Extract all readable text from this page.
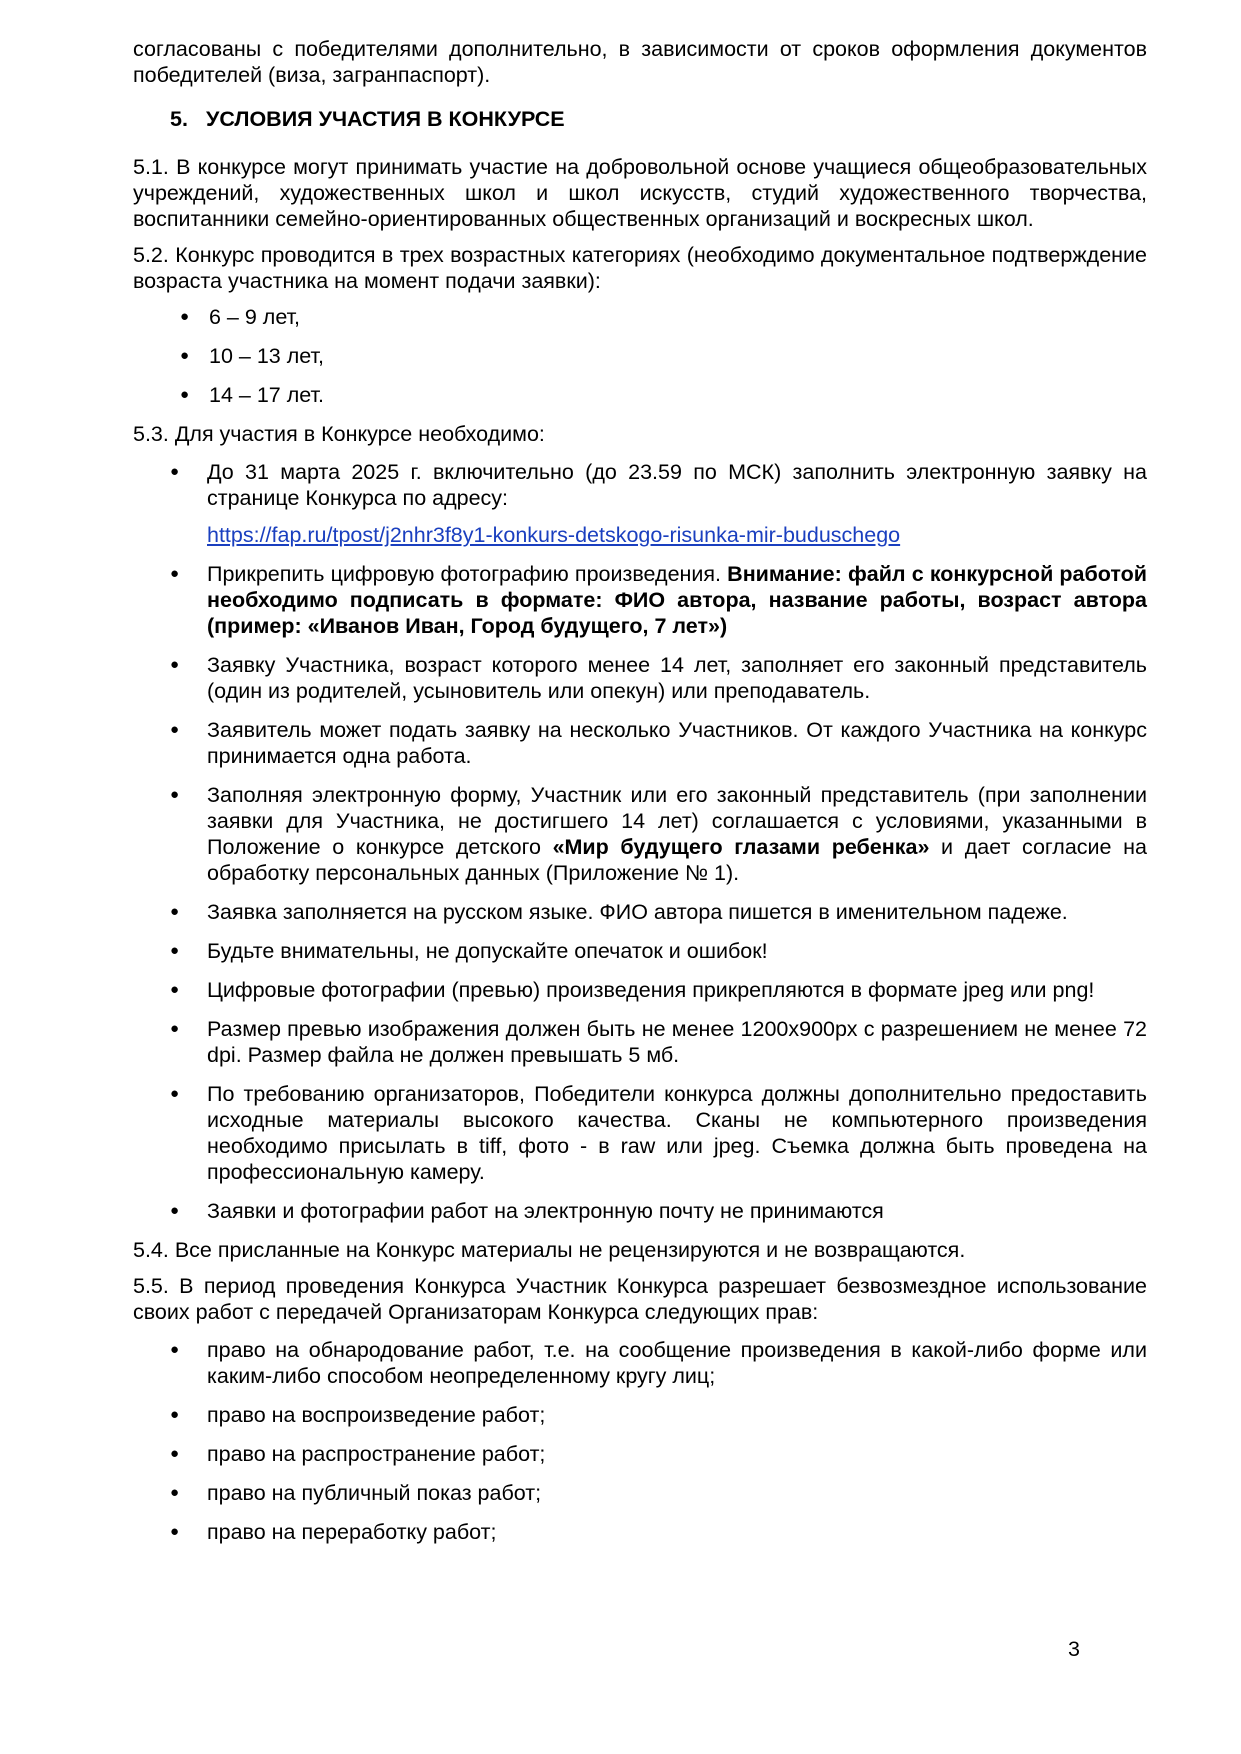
согласованы с победителями дополнительно, в зависимости от сроков оформления документов победителей (виза, загранпаспорт).

5. УСЛОВИЯ УЧАСТИЯ В КОНКУРСЕ

5.1. В конкурсе могут принимать участие на добровольной основе учащиеся общеобразовательных учреждений, художественных школ и школ искусств, студий художественного творчества, воспитанники семейно-ориентированных общественных организаций и воскресных школ.

5.2. Конкурс проводится в трех возрастных категориях (необходимо документальное подтверждение возраста участника на момент подачи заявки):

● 6 – 9 лет,
● 10 – 13 лет,
● 14 – 17 лет.

5.3. Для участия в Конкурсе необходимо:

● До 31 марта 2025 г. включительно (до 23.59 по МСК) заполнить электронную заявку на странице Конкурса по адресу:

https://fap.ru/tpost/j2nhr3f8y1-konkurs-detskogo-risunka-mir-buduschego

● Прикрепить цифровую фотографию произведения. Внимание: файл с конкурсной работой необходимо подписать в формате: ФИО автора, название работы, возраст автора (пример: «Иванов Иван, Город будущего, 7 лет»)
● Заявку Участника, возраст которого менее 14 лет, заполняет его законный представитель (один из родителей, усыновитель или опекун) или преподаватель.
● Заявитель может подать заявку на несколько Участников. От каждого Участника на конкурс принимается одна работа.
● Заполняя электронную форму, Участник или его законный представитель (при заполнении заявки для Участника, не достигшего 14 лет) соглашается с условиями, указанными в Положение о конкурсе детского «Мир будущего глазами ребенка» и дает согласие на обработку персональных данных (Приложение № 1).
● Заявка заполняется на русском языке. ФИО автора пишется в именительном падеже.
● Будьте внимательны, не допускайте опечаток и ошибок!
● Цифровые фотографии (превью) произведения прикрепляются в формате jpeg или png!
● Размер превью изображения должен быть не менее 1200х900рх с разрешением не менее 72 dpi. Размер файла не должен превышать 5 мб.
● По требованию организаторов, Победители конкурса должны дополнительно предоставить исходные материалы высокого качества. Сканы не компьютерного произведения необходимо присылать в tiff, фото - в raw или jpeg. Съемка должна быть проведена на профессиональную камеру.
● Заявки и фотографии работ на электронную почту не принимаются

5.4. Все присланные на Конкурс материалы не рецензируются и не возвращаются.

5.5. В период проведения Конкурса Участник Конкурса разрешает безвозмездное использование своих работ с передачей Организаторам Конкурса следующих прав:

● право на обнародование работ, т.е. на сообщение произведения в какой-либо форме или каким-либо способом неопределенному кругу лиц;
● право на воспроизведение работ;
● право на распространение работ;
● право на публичный показ работ;
● право на переработку работ;
3
